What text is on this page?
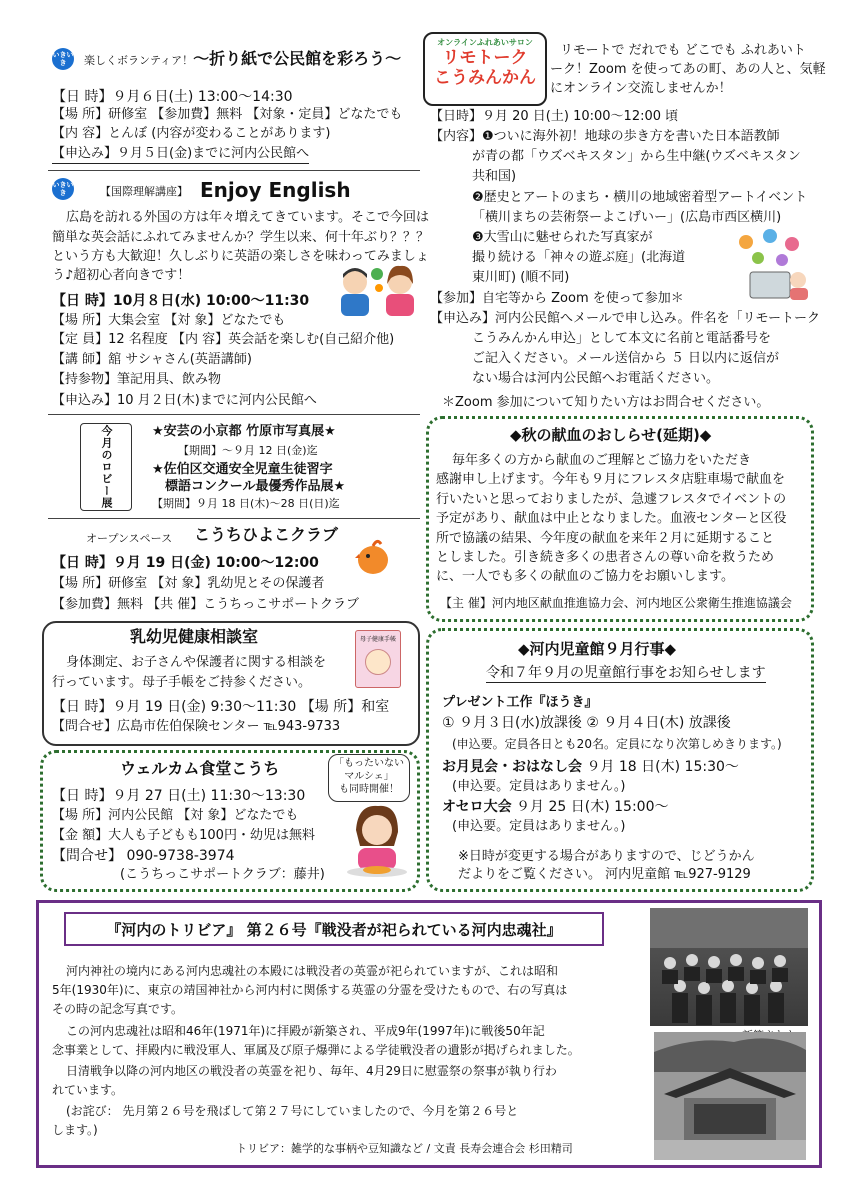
いきいき	楽しくボランティア！～折り紙で公民館を彩ろう～
【日 時】９月６日(土) 13:00～14:30
【場 所】研修室 【参加費】無料 【対象・定員】どなたでも
【内 容】とんぼ (内容が変わることがあります)
【申込み】９月５日(金)までに河内公民館へ
いきいき	【国際理解講座】 Enjoy English
広島を訪れる外国の方は年々増えてきています。そこで今回は
簡単な英会話にふれてみませんか？学生以来、何十年ぶり？？？
という方も大歓迎！久しぶりに英語の楽しさを味わってみましょ
う♪超初心者向きです！
【日 時】10月８日(水) 10:00～11:30
【場 所】大集会室 【対 象】どなたでも
【定 員】12 名程度 【内 容】英会話を楽しむ(自己紹介他)
【講 師】舘 サシャさん(英語講師)
【持参物】筆記用具、飲み物
【申込み】10 月２日(木)までに河内公民館へ
今月のロビー展	★安芸の小京都 竹原市写真展★
【期間】～９月 12 日(金)迄
★佐伯区交通安全児童生徒習字
標語コンクール最優秀作品展★
【期間】９月 18 日(木)～28 日(日)迄
オープンスペース こうちひよこクラブ
【日 時】９月 19 日(金) 10:00～12:00
【場 所】研修室 【対 象】乳幼児とその保護者
【参加費】無料 【共 催】こうちっこサポートクラブ
乳幼児健康相談室
身体測定、お子さんや保護者に関する相談を
行っています。母子手帳をご持参ください。
母子健康手帳
【日 時】９月 19 日(金) 9:30～11:30 【場 所】和室
【問合せ】広島市佐伯保険センター ℡943-9733
ウェルカム食堂こうち	「もったいない
マルシェ」
も同時開催！
【日 時】９月 27 日(土) 11:30～13:30
【場 所】河内公民館 【対 象】どなたでも
【金 額】大人も子どもも100円・幼児は無料
【問合せ】 090-9738-3974
(こうちっこサポートクラブ：藤井)
オンラインふれあいサロン
リモトーク
こうみんかん
リモートで だれでも どこでも ふれあいト
ーク！Zoom を使ってあの町、あの人と、気軽
にオンライン交流しませんか！
【日時】９月 20 日(土) 10:00～12:00 頃
【内容】❶ついに海外初！地球の歩き方を書いた日本語教師
が青の都「ウズベキスタン」から生中継(ウズベキスタン
共和国)
❷歴史とアートのまち・横川の地域密着型アートイベント
「横川まちの芸術祭ーよこげいー」(広島市西区横川)
❸大雪山に魅せられた写真家が
撮り続ける「神々の遊ぶ庭」(北海道
東川町) (順不同)
【参加】自宅等から Zoom を使って参加＊
【申込み】河内公民館へメールで申し込み。件名を「リモートーク
こうみんかん申込」として本文に名前と電話番号を
ご記入ください。メール送信から ５ 日以内に返信が
ない場合は河内公民館へお電話ください。
＊Zoom 参加について知りたい方はお問合せください。
◆秋の献血のおしらせ(延期)◆
毎年多くの方から献血のご理解とご協力をいただき
感謝申し上げます。今年も９月にフレスタ店駐車場で献血を
行いたいと思っておりましたが、急遽フレスタでイベントの
予定があり、献血は中止となりました。血液センターと区役
所で協議の結果、今年度の献血を来年２月に延期すること
としました。引き続き多くの患者さんの尊い命を救うため
に、一人でも多くの献血のご協力をお願いします。
【主 催】河内地区献血推進協力会、河内地区公衆衛生推進協議会
◆河内児童館９月行事◆
令和７年９月の児童館行事をお知らせします
プレゼント工作『ほうき』
① ９月３日(水)放課後 ② ９月４日(木) 放課後
(申込要。定員各日とも20名。定員になり次第しめきります。)
お月見会・おはなし会 ９月 18 日(木) 15:30～
(申込要。定員はありません。)
オセロ大会 ９月 25 日(木) 15:00～
(申込要。定員はありません。)
※日時が変更する場合がありますので、じどうかん
だよりをご覧ください。 河内児童館 ℡927-9129
『河内のトリビア』 第２６号『戦没者が祀られている河内忠魂社』
河内神社の境内にある河内忠魂社の本殿には戦没者の英霊が祀られていますが、これは昭和
5年(1930年)に、東京の靖国神社から河内村に関係する英霊の分霊を受けたもので、右の写真は
その時の記念写真です。
この河内忠魂社は昭和46年(1971年)に拝殿が新築され、平成9年(1997年)に戦後50年記
念事業として、拝殿内に戦没軍人、軍属及び原子爆弾による学徒戦没者の遺影が掲げられました。
日清戦争以降の河内地区の戦没者の英霊を祀り、毎年、4月29日に慰霊祭の祭事が執り行わ
れています。
(お詫び： 先月第２６号を飛ばして第２７号にしていましたので、今月を第２６号と
します。)
トリビア：雑学的な事柄や豆知識など / 文責 長寿会連合会 杉田精司
